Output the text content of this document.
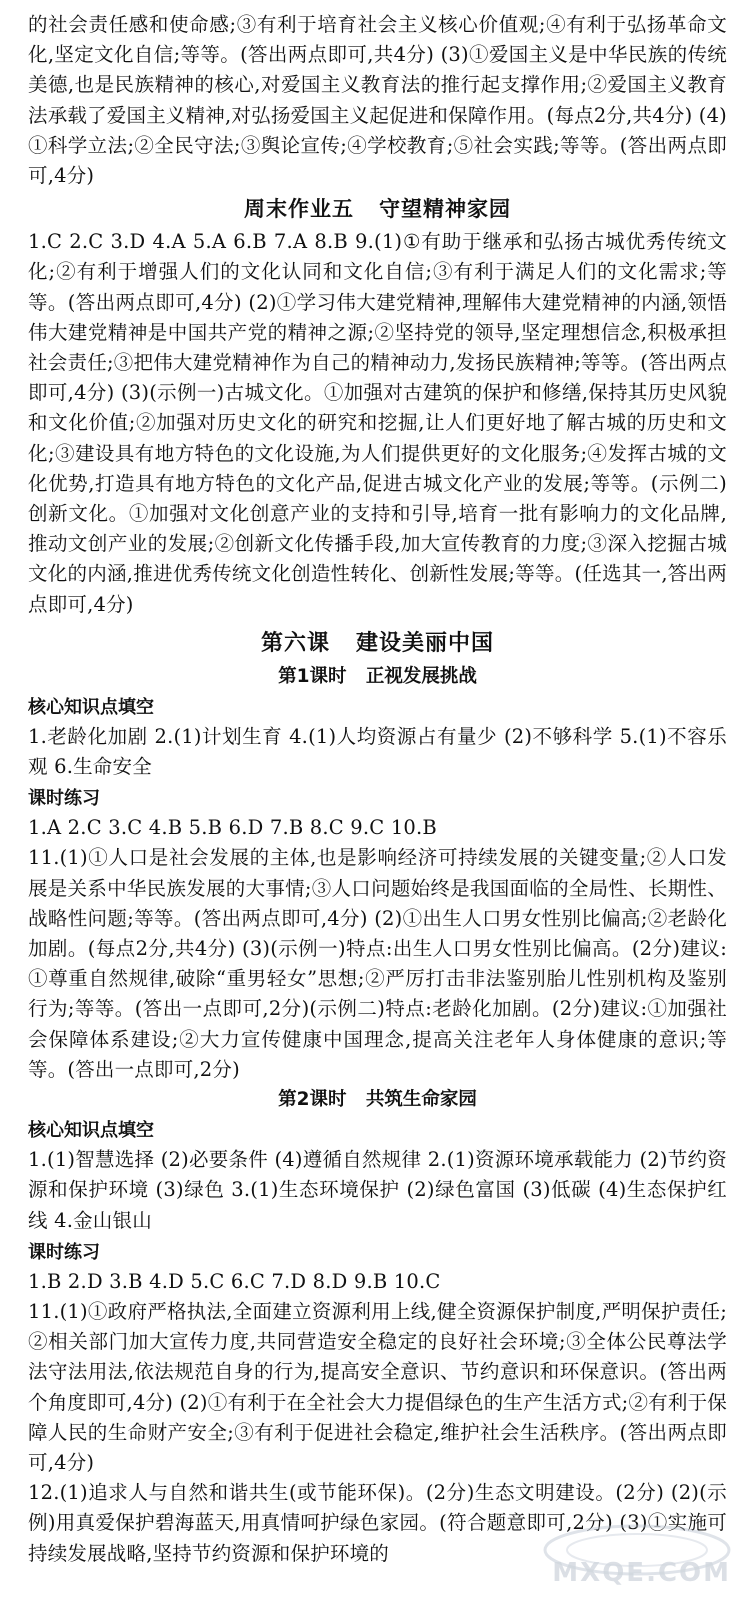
的社会责任感和使命感;③有利于培育社会主义核心价值观;④有利于弘扬革命文化,坚定文化自信;等等。(答出两点即可,共4分) (3)①爱国主义是中华民族的传统美德,也是民族精神的核心,对爱国主义教育法的推行起支撑作用;②爱国主义教育法承载了爱国主义精神,对弘扬爱国主义起促进和保障作用。(每点2分,共4分) (4)①科学立法;②全民守法;③舆论宣传;④学校教育;⑤社会实践;等等。(答出两点即可,4分)

周末作业五   守望精神家园

1.C 2.C 3.D 4.A 5.A 6.B 7.A 8.B 9.(1)①有助于继承和弘扬古城优秀传统文化;②有利于增强人们的文化认同和文化自信;③有利于满足人们的文化需求;等等。(答出两点即可,4分) (2)①学习伟大建党精神,理解伟大建党精神的内涵,领悟伟大建党精神是中国共产党的精神之源;②坚持党的领导,坚定理想信念,积极承担社会责任;③把伟大建党精神作为自己的精神动力,发扬民族精神;等等。(答出两点即可,4分) (3)(示例一)古城文化。①加强对古建筑的保护和修缮,保持其历史风貌和文化价值;②加强对历史文化的研究和挖掘,让人们更好地了解古城的历史和文化;③建设具有地方特色的文化设施,为人们提供更好的文化服务;④发挥古城的文化优势,打造具有地方特色的文化产品,促进古城文化产业的发展;等等。(示例二)创新文化。①加强对文化创意产业的支持和引导,培育一批有影响力的文化品牌,推动文创产业的发展;②创新文化传播手段,加大宣传教育的力度;③深入挖掘古城文化的内涵,推进优秀传统文化创造性转化、创新性发展;等等。(任选其一,答出两点即可,4分)

第六课   建设美丽中国
第1课时   正视发展挑战
核心知识点填空

1.老龄化加剧 2.(1)计划生育 4.(1)人均资源占有量少 (2)不够科学 5.(1)不容乐观 6.生命安全

课时练习

1.A 2.C 3.C 4.B 5.B 6.D 7.B 8.C 9.C 10.B

11.(1)①人口是社会发展的主体,也是影响经济可持续发展的关键变量;②人口发展是关系中华民族发展的大事情;③人口问题始终是我国面临的全局性、长期性、战略性问题;等等。(答出两点即可,4分) (2)①出生人口男女性别比偏高;②老龄化加剧。(每点2分,共4分) (3)(示例一)特点:出生人口男女性别比偏高。(2分)建议:①尊重自然规律,破除“重男轻女”思想;②严厉打击非法鉴别胎儿性别机构及鉴别行为;等等。(答出一点即可,2分)(示例二)特点:老龄化加剧。(2分)建议:①加强社会保障体系建设;②大力宣传健康中国理念,提高关注老年人身体健康的意识;等等。(答出一点即可,2分)

第2课时   共筑生命家园
核心知识点填空

1.(1)智慧选择 (2)必要条件 (4)遵循自然规律 2.(1)资源环境承载能力 (2)节约资源和保护环境 (3)绿色 3.(1)生态环境保护 (2)绿色富国 (3)低碳 (4)生态保护红线 4.金山银山

课时练习

1.B 2.D 3.B 4.D 5.C 6.C 7.D 8.D 9.B 10.C

11.(1)①政府严格执法,全面建立资源利用上线,健全资源保护制度,严明保护责任;②相关部门加大宣传力度,共同营造安全稳定的良好社会环境;③全体公民尊法学法守法用法,依法规范自身的行为,提高安全意识、节约意识和环保意识。(答出两个角度即可,4分) (2)①有利于在全社会大力提倡绿色的生产生活方式;②有利于保障人民的生命财产安全;③有利于促进社会稳定,维护社会生活秩序。(答出两点即可,4分)

12.(1)追求人与自然和谐共生(或节能环保)。(2分)生态文明建设。(2分) (2)(示例)用真爱保护碧海蓝天,用真情呵护绿色家园。(符合题意即可,2分) (3)①实施可持续发展战略,坚持节约资源和保护环境的

MXQE.COM
